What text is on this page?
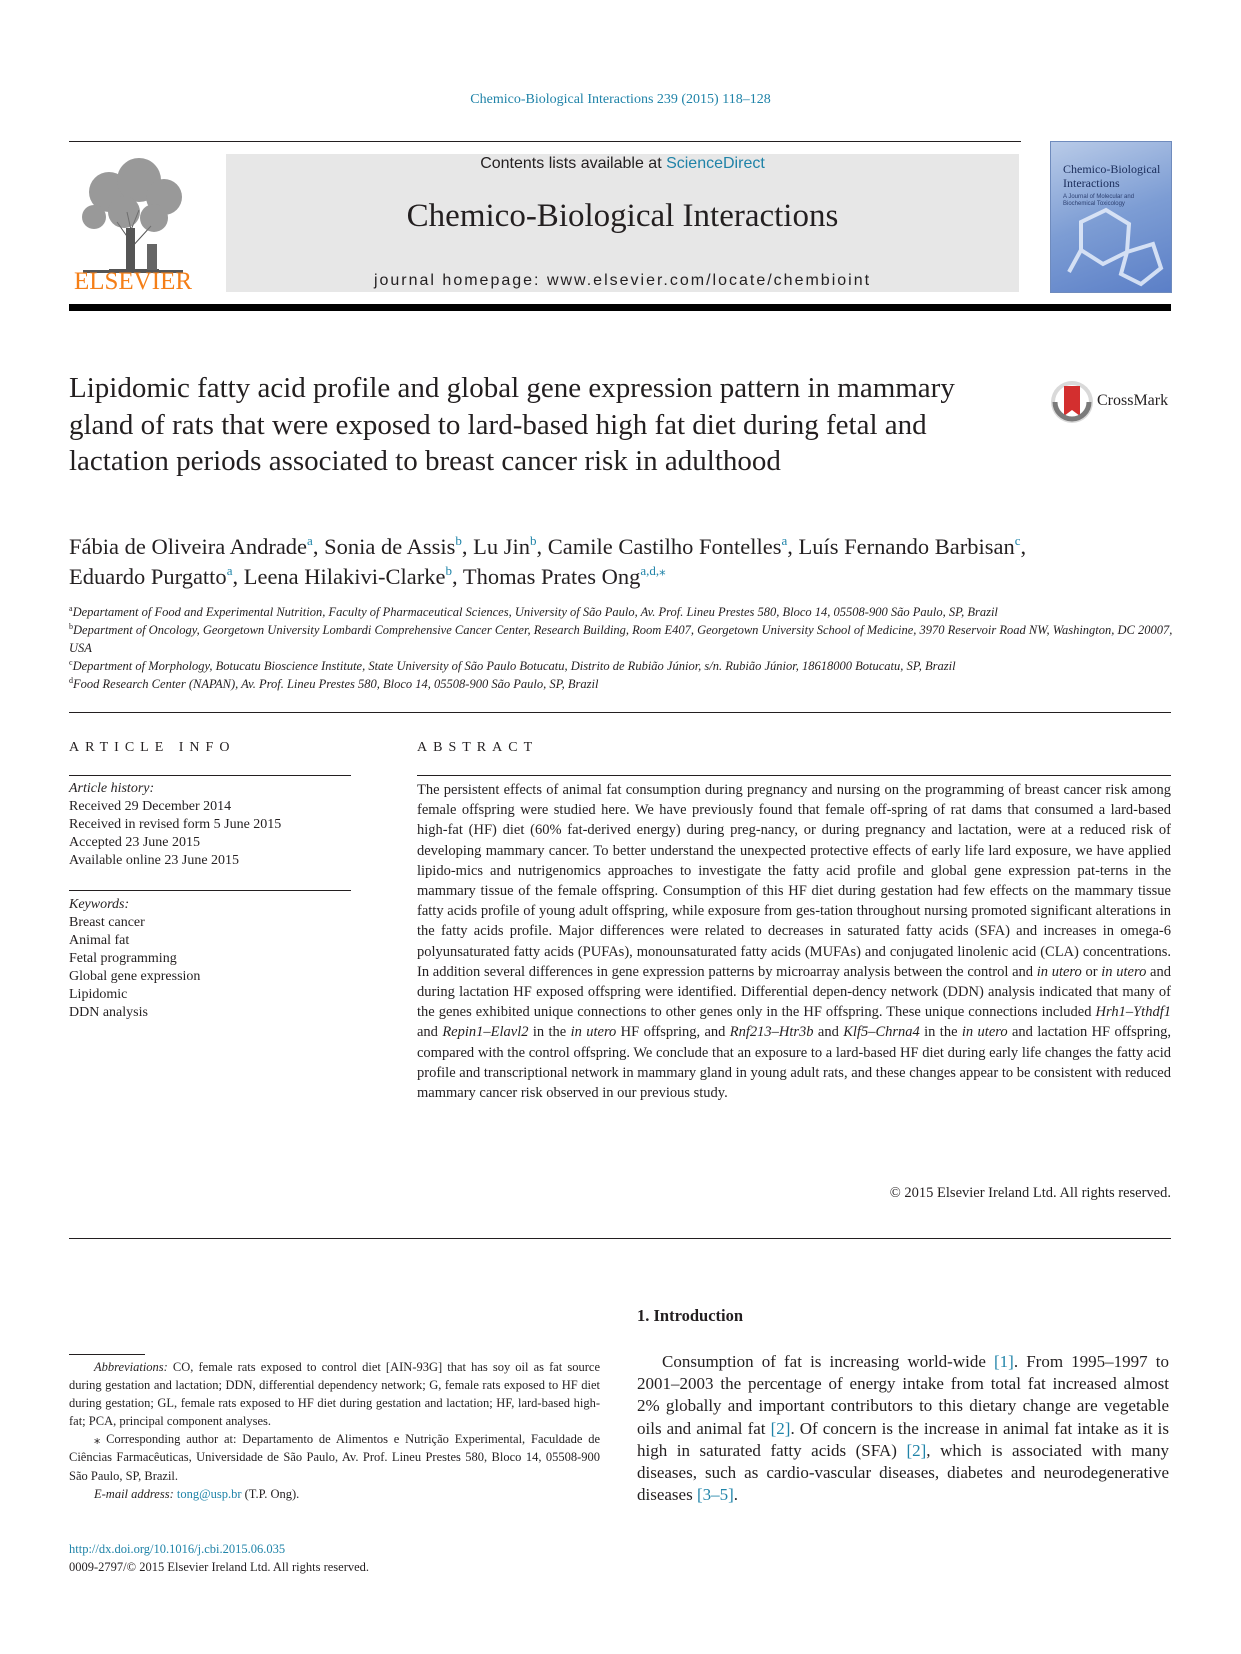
Chemico-Biological Interactions 239 (2015) 118–128
ELSEVIER
Contents lists available at ScienceDirect
Chemico-Biological Interactions
journal homepage: www.elsevier.com/locate/chembioint
Chemico-Biological Interactions
A Journal of Molecular and Biochemical Toxicology
Lipidomic fatty acid profile and global gene expression pattern in mammary gland of rats that were exposed to lard-based high fat diet during fetal and lactation periods associated to breast cancer risk in adulthood
CrossMark
Fábia de Oliveira Andrade$^a$, Sonia de Assis$^b$, Lu Jin$^b$, Camile Castilho Fontelles$^a$, Luís Fernando Barbisan$^c$,
Eduardo Purgatto$^a$, Leena Hilakivi-Clarke$^b$, Thomas Prates Ong$^{a,d,⁎}$

$^a$Departament of Food and Experimental Nutrition, Faculty of Pharmaceutical Sciences, University of São Paulo, Av. Prof. Lineu Prestes 580, Bloco 14, 05508-900 São Paulo, SP, Brazil

$^b$Department of Oncology, Georgetown University Lombardi Comprehensive Cancer Center, Research Building, Room E407, Georgetown University School of Medicine, 3970 Reservoir Road NW, Washington, DC 20007, USA

$^c$Department of Morphology, Botucatu Bioscience Institute, State University of São Paulo Botucatu, Distrito de Rubião Júnior, s/n. Rubião Júnior, 18618000 Botucatu, SP, Brazil

$^d$Food Research Center (NAPAN), Av. Prof. Lineu Prestes 580, Bloco 14, 05508-900 São Paulo, SP, Brazil

ARTICLE INFO
Article history:
Received 29 December 2014
Received in revised form 5 June 2015
Accepted 23 June 2015
Available online 23 June 2015
Keywords:
Breast cancer
Animal fat
Fetal programming
Global gene expression
Lipidomic
DDN analysis
ABSTRACT
The persistent effects of animal fat consumption during pregnancy and nursing on the programming of breast cancer risk among female offspring were studied here. We have previously found that female off-spring of rat dams that consumed a lard-based high-fat (HF) diet (60% fat-derived energy) during preg-nancy, or during pregnancy and lactation, were at a reduced risk of developing mammary cancer. To better understand the unexpected protective effects of early life lard exposure, we have applied lipido-mics and nutrigenomics approaches to investigate the fatty acid profile and global gene expression pat-terns in the mammary tissue of the female offspring. Consumption of this HF diet during gestation had few effects on the mammary tissue fatty acids profile of young adult offspring, while exposure from ges-tation throughout nursing promoted significant alterations in the fatty acids profile. Major differences were related to decreases in saturated fatty acids (SFA) and increases in omega-6 polyunsaturated fatty acids (PUFAs), monounsaturated fatty acids (MUFAs) and conjugated linolenic acid (CLA) concentrations. In addition several differences in gene expression patterns by microarray analysis between the control and in utero or in utero and during lactation HF exposed offspring were identified. Differential depen-dency network (DDN) analysis indicated that many of the genes exhibited unique connections to other genes only in the HF offspring. These unique connections included Hrh1–Ythdf1 and Repin1–Elavl2 in the in utero HF offspring, and Rnf213–Htr3b and Klf5–Chrna4 in the in utero and lactation HF offspring, compared with the control offspring. We conclude that an exposure to a lard-based HF diet during early life changes the fatty acid profile and transcriptional network in mammary gland in young adult rats, and these changes appear to be consistent with reduced mammary cancer risk observed in our previous study.
© 2015 Elsevier Ireland Ltd. All rights reserved.

Abbreviations: CO, female rats exposed to control diet [AIN-93G] that has soy oil as fat source during gestation and lactation; DDN, differential dependency network; G, female rats exposed to HF diet during gestation; GL, female rats exposed to HF diet during gestation and lactation; HF, lard-based high-fat; PCA, principal component analyses.

⁎ Corresponding author at: Departamento de Alimentos e Nutrição Experimental, Faculdade de Ciências Farmacêuticas, Universidade de São Paulo, Av. Prof. Lineu Prestes 580, Bloco 14, 05508-900 São Paulo, SP, Brazil.

E-mail address: tong@usp.br (T.P. Ong).

http://dx.doi.org/10.1016/j.cbi.2015.06.035
0009-2797/© 2015 Elsevier Ireland Ltd. All rights reserved.
1. Introduction

Consumption of fat is increasing world-wide [1]. From 1995–1997 to 2001–2003 the percentage of energy intake from total fat increased almost 2% globally and important contributors to this dietary change are vegetable oils and animal fat [2]. Of concern is the increase in animal fat intake as it is high in saturated fatty acids (SFA) [2], which is associated with many diseases, such as cardio-vascular diseases, diabetes and neurodegenerative diseases [3–5].
